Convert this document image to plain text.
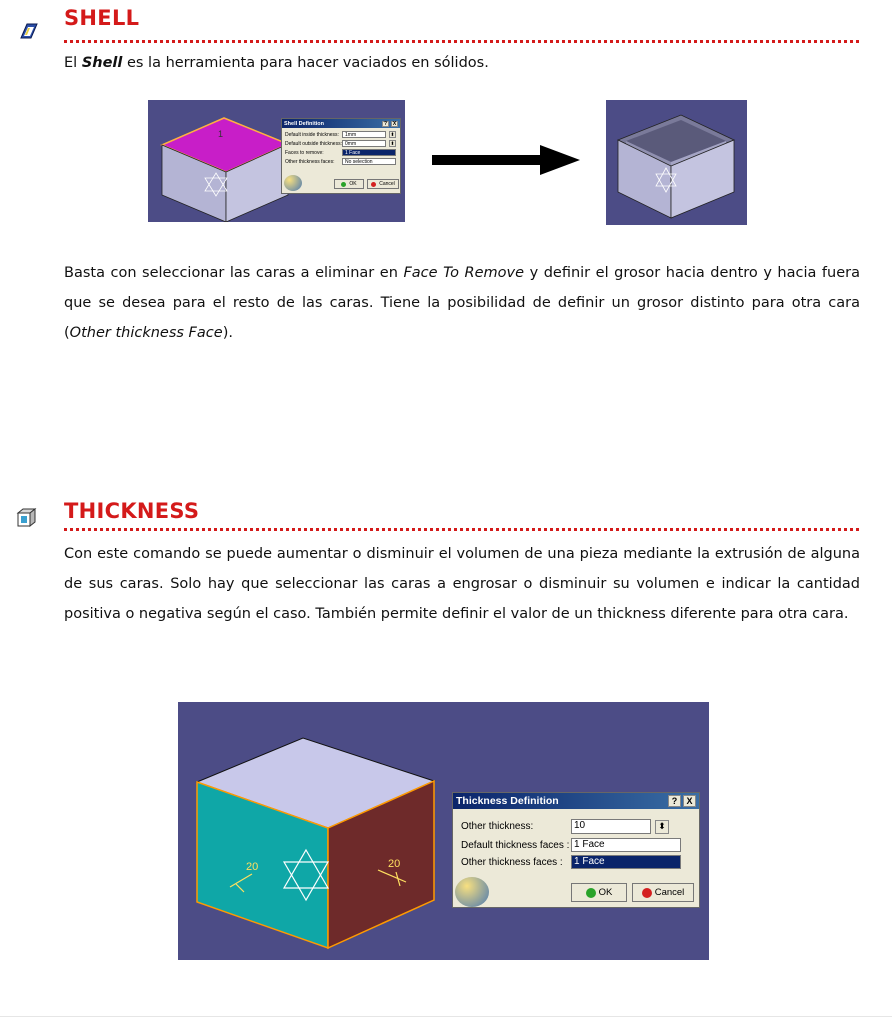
SHELL
El Shell es la herramienta para hacer vaciados en sólidos.
1
Shell Definition	?	X
Default inside thickness:	1mm	⬍
Default outside thickness: 0mm	⬍
Faces to remove:	1 Face
Other thickness faces:	No selection
OK	Cancel
Basta con seleccionar las caras a eliminar en Face To Remove y definir el grosor hacia dentro y hacia fuera que se desea para el resto de las caras. Tiene la posibilidad de definir un grosor distinto para otra cara (Other thickness Face).
THICKNESS
Con este comando se puede aumentar o disminuir el volumen de una pieza mediante la extrusión de alguna de sus caras. Solo hay que seleccionar las caras a engrosar o disminuir su volumen e indicar la cantidad positiva o negativa según el caso. También permite definir el valor de un thickness diferente para otra cara.
20	20
Thickness Definition	?	X
Other thickness:	10	⬍
Default thickness faces : 1 Face
Other thickness faces :	1 Face
OK	Cancel
